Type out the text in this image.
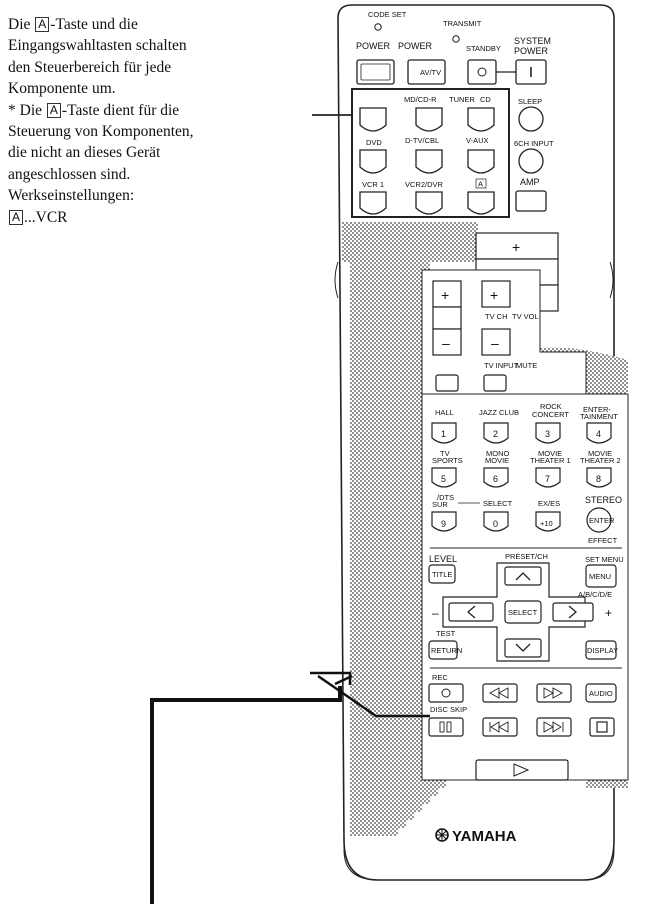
Die A -Taste und die
Eingangswahltasten schalten
den Steuerbereich für jede
Komponente um.
* Die A -Taste dient für die
Steuerung von Komponenten,
die nicht an dieses Gerät
angeschlossen sind.
Werkseinstellungen:
A ...VCR
CODE SET
TRANSMIT
POWER POWER	STANDBY
SYSTEM
POWER
AV/TV
MD/CD-R TUNER CD	SLEEP
DVD	D-TV/CBL	V-AUX	6CH INPUT
VCR 1	VCR2/DVR	A	AMP
+
+
–
+
TV CH TV VOL
–
TV INPUT
MUTE
HALL	JAZZ CLUB
ROCK
CONCERT
ENTER-
TAINMENT
1	2	3	4
TV
SPORTS
MONO
MOVIE
MOVIE
THEATER 1
MOVIE
THEATER 2
5	6	7	8
/DTS
SUR	SELECT	EX/ES	STEREO
9	0	+10	ENTER
EFFECT
LEVEL	PRESET/CH	SET MENU
TITLE
SELECT
–	+
MENU
A/B/C/D/E
TEST
RETURN	DISPLAY
REC
AUDIO
DISC SKIP
YAMAHA
